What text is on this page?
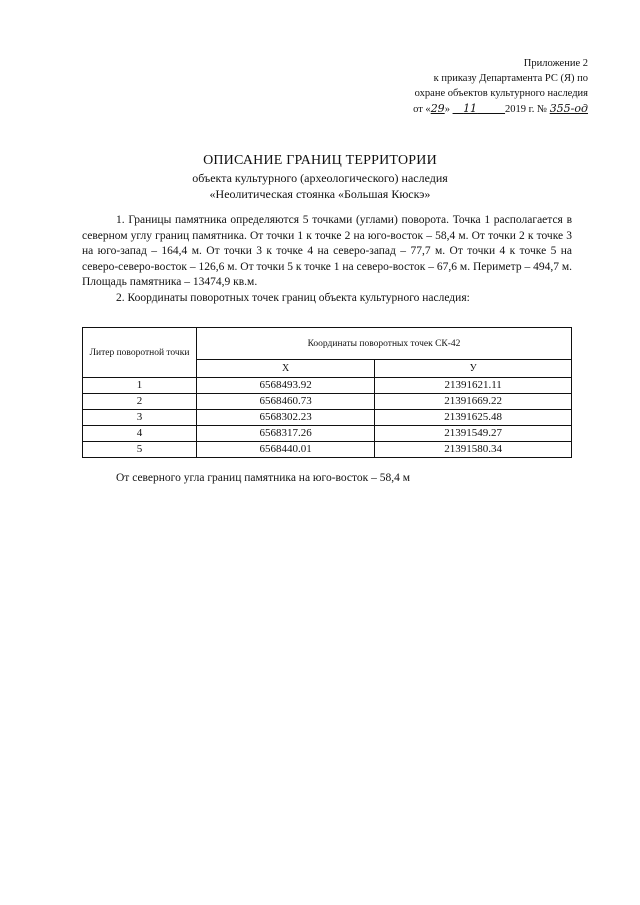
Приложение 2
к приказу Департамента РС (Я) по
охране объектов культурного наследия
от «29» 11	2019 г. № 355-од
ОПИСАНИЕ ГРАНИЦ ТЕРРИТОРИИ
объекта культурного (археологического) наследия
«Неолитическая стоянка «Большая Кюскэ»

1. Границы памятника определяются 5 точками (углами) поворота. Точка 1 располагается в северном углу границ памятника. От точки 1 к точке 2 на юго-восток – 58,4 м. От точки 2 к точке 3 на юго-запад – 164,4 м. От точки 3 к точке 4 на северо-запад – 77,7 м. От точки 4 к точке 5 на северо-северо-восток – 126,6 м. От точки 5 к точке 1 на северо-восток – 67,6 м. Периметр – 494,7 м. Площадь памятника – 13474,9 кв.м.

2. Координаты поворотных точек границ объекта культурного наследия:

Литер поворотной точки	Координаты поворотных точек СК-42	
	Х	У
1	6568493.92	21391621.11
2	6568460.73	21391669.22
3	6568302.23	21391625.48
4	6568317.26	21391549.27
5	6568440.01	21391580.34
От северного угла границ памятника на юго-восток – 58,4 м
